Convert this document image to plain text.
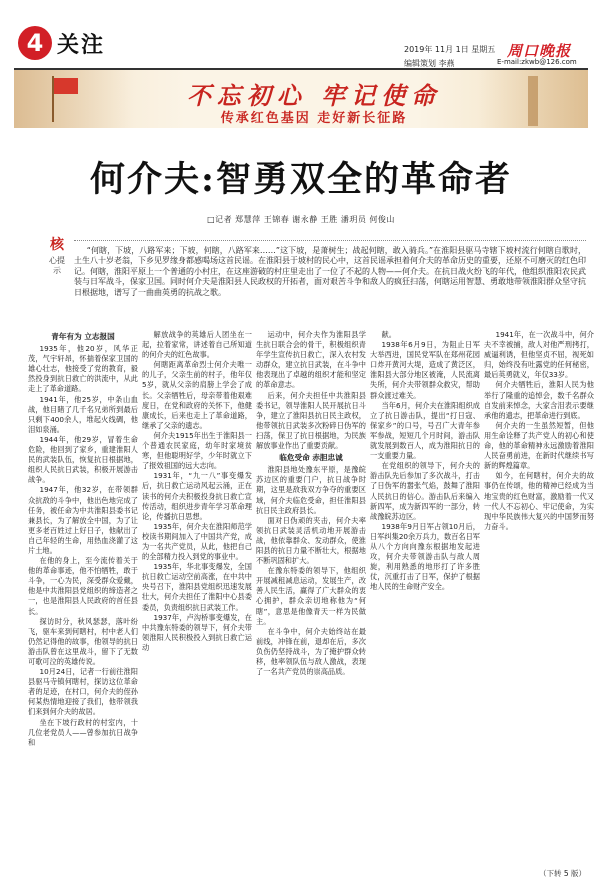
4 关注	2019年 11月 1日 星期五
编辑策划 李燕
周口晚报
E-mail:zkwb@126.com
不忘初心 牢记使命
传承红色基因 走好新长征路
何介夫:智勇双全的革命者
□记者 郑慧萍 王锦春 谢永静 王胜 潘玥员 何俊山
核
心提示
“何瞎，下坡，八路军来；下坡，何瞎，八路军来……”这下坡，是萧树生；战起何瞎，敢入骑兵。”在淮阳县驱马寺辖下坡村流行何瞎自歌时，土生八十岁老翁，下乡见罗缘身都感喝场这首民谣。在淮阳县于坡村的民心中，这首民谣承担着何介夫的革命历史的重要，还原不可磨灭的红色印记。何瞎，淮阳平原上一个普通的小村庄，在这座游破的村庄里走出了一位了不起的人物——何介夫。在抗日战火纷飞的年代，他组织淮阳农民武装与日军战斗，保家卫国。同时何介夫是淮阳县人民政权的开拓者，面对艰苦斗争和敌人的疯狂扫荡，何瞎运用智慧、勇敢地带领淮阳群众坚守抗日根据地，谱写了一曲曲英勇的抗战之歌。

青年有为 立志报国

1935年，他20岁，风华正茂，气宇轩昂，怀揣着保家卫国的雄心壮志，他接受了党的教育，毅然投身到抗日救亡的洪流中，从此走上了革命道路。

1941年，他25岁，中条山血战，他目睹了几千名兄弟所到最后只剩下400余人，堆起火线碉，他泪如泉涌。

1944年，他29岁，冒着生命危险，他回到了家乡，重建淮阳人民的武装队伍，恢复抗日根据地，组织人民抗日武装，积极开展游击战争。

1947年，他32岁，在带领群众抗敌的斗争中，他出色地完成了任务，被任命为中共淮阳县委书记兼县长，为了解放全中国，为了让更多老百姓过上好日子，他献出了自己年轻的生命，用热血浇灌了这片土地。

在他的身上，至今流传着关于他的革命事迹，他不怕牺牲，敢于斗争，一心为民，深受群众爱戴，他是中共淮阳县党组织的缔造者之一，也是淮阳县人民政府的首任县长。

探访时分，秋风瑟瑟，落叶纷飞，驱车来到何瞎村，村中老人们仍然记得他的故事，他领导的抗日游击队曾在这里战斗，留下了无数可歌可泣的英雄传说。

10月24日，记者一行前往淮阳县驱马寺镇何瞎村，探访这位革命者的足迹，在村口，何介夫的侄孙何某热情地迎接了我们，他带领我们来到何介夫的故居。

坐在下坡行政村的村室内，十几位老党员人——曾参加抗日战争和

解放战争的英雄后人团坐在一起，拉着家常，讲述着自己所知道的何介夫的红色故事。

何瞎距离革命烈士何介夫唯一的儿子，父亲生前的村子，他年仅5岁，就从父亲的肩膀上学会了成长。父亲牺牲后，母亲带着他艰难度日，在党和政府的关怀下，他健康成长，后来也走上了革命道路，继承了父亲的遗志。

何介夫1915年出生于淮阳县一个普通农民家庭，幼年时家境贫寒，但他聪明好学，少年时就立下了报效祖国的远大志向。

1931年，“九一八”事变爆发后，抗日救亡运动风起云涌，正在读书的何介夫积极投身抗日救亡宣传活动，组织进步青年学习革命理论，传播抗日思想。

1935年，何介夫在淮阳师范学校读书期间加入了中国共产党，成为一名共产党员，从此，他把自己的全部精力投入到党的事业中。

1935年，华北事变爆发，全国抗日救亡运动空前高涨，在中共中央号召下，淮阳县党组织迅速发展壮大，何介夫担任了淮阳中心县委委员，负责组织抗日武装工作。

1937年，卢沟桥事变爆发，在中共豫东特委的领导下，何介夫带领淮阳人民积极投入到抗日救亡运动

运动中，何介夫作为淮阳县学生抗日联合会的骨干，积极组织青年学生宣传抗日救亡，深入农村发动群众，建立抗日武装，在斗争中他表现出了卓越的组织才能和坚定的革命意志。

后来，何介夫担任中共淮阳县委书记，领导淮阳人民开展抗日斗争，建立了淮阳县抗日民主政权，他带领抗日武装多次粉碎日伪军的扫荡，保卫了抗日根据地，为民族解放事业作出了重要贡献。

临危受命 赤胆忠诚

淮阳县地处豫东平原，是豫皖苏边区的重要门户，抗日战争时期，这里是敌我双方争夺的重要区域，何介夫临危受命，担任淮阳县抗日民主政府县长。

面对日伪顽的夹击，何介夫率领抗日武装灵活机动地开展游击战，他依靠群众、发动群众，使淮阳县的抗日力量不断壮大，根据地不断巩固和扩大。

在豫东特委的领导下，他组织开展减租减息运动，发展生产，改善人民生活，赢得了广大群众的衷心拥护，群众亲切地称他为“何瞎”，意思是他像青天一样为民做主。

在斗争中，何介夫始终站在最前线，冲锋在前，退却在后，多次负伤仍坚持战斗，为了掩护群众转移，他率领队伍与敌人激战，表现了一名共产党员的崇高品质。

献。

1938年6月9日，为阻止日军大举西进，国民党军队在郑州花园口炸开黄河大堤，造成了黄泛区，淮阳县大部分地区被淹，人民流离失所，何介夫带领群众救灾，帮助群众渡过难关。

当年6月，何介夫在淮阳组织成立了抗日游击队，提出“打日寇、保家乡”的口号，号召广大青年参军参战，短短几个月时间，游击队就发展到数百人，成为淮阳抗日的一支重要力量。

在党组织的领导下，何介夫的游击队先后参加了多次战斗，打击了日伪军的嚣张气焰，鼓舞了淮阳人民抗日的信心。游击队后来编入新四军，成为新四军的一部分，转战豫皖苏边区。

1938年9月日军占领10月后，日军纠集20余万兵力，数百名日军从八个方向向豫东根据地发起进攻，何介夫带领游击队与敌人周旋，利用熟悉的地形打了许多胜仗，沉重打击了日军，保护了根据地人民的生命财产安全。

1941年，在一次战斗中，何介夫不幸被捕，敌人对他严刑拷打，威逼利诱，但他坚贞不屈，视死如归，始终没有吐露党的任何秘密，最后英勇就义，年仅33岁。

何介夫牺牲后，淮阳人民为他举行了隆重的追悼会，数千名群众自发前来悼念，大家含泪表示要继承他的遗志，把革命进行到底。

何介夫的一生虽然短暂，但他用生命诠释了共产党人的初心和使命，他的革命精神永远激励着淮阳人民奋勇前进，在新时代继续书写新的辉煌篇章。

如今，在何瞎村，何介夫的故事仍在传颂，他的精神已经成为当地宝贵的红色财富，激励着一代又一代人不忘初心、牢记使命，为实现中华民族伟大复兴的中国梦而努力奋斗。

（下转 5 版）
